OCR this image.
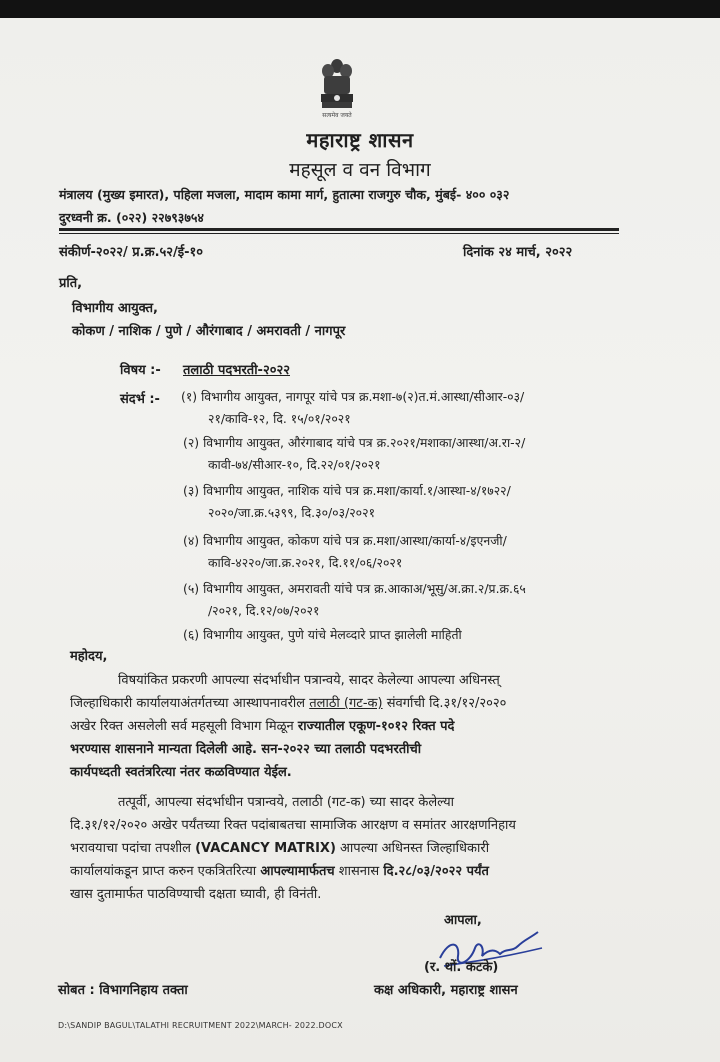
सत्यमेव जयते
महाराष्ट्र शासन
महसूल व वन विभाग
मंत्रालय (मुख्य इमारत), पहिला मजला, मादाम कामा मार्ग, हुतात्मा राजगुरु चौक, मुंबई- ४०० ०३२
दुरध्वनी क्र. (०२२) २२७९३७५४
संकीर्ण-२०२२/ प्र.क्र.५२/ई-१०	दिनांक २४ मार्च, २०२२
प्रति,
विभागीय आयुक्त,
कोकण / नाशिक / पुणे / औरंगाबाद / अमरावती / नागपूर
विषय :- तलाठी पदभरती-२०२२
संदर्भ :- (१) विभागीय आयुक्त, नागपूर यांचे पत्र क्र.मशा-७(२)त.मं.आस्था/सीआर-०३/
२१/कावि-१२, दि. १५/०१/२०२१
(२) विभागीय आयुक्त, औरंगाबाद यांचे पत्र क्र.२०२१/मशाका/आस्था/अ.रा-२/
कावी-७४/सीआर-१०, दि.२२/०१/२०२१
(३) विभागीय आयुक्त, नाशिक यांचे पत्र क्र.मशा/कार्या.१/आस्था-४/१७२२/
२०२०/जा.क्र.५३९९, दि.३०/०३/२०२१
(४) विभागीय आयुक्त, कोकण यांचे पत्र क्र.मशा/आस्था/कार्या-४/इएनजी/
कावि-४२२०/जा.क्र.२०२१, दि.११/०६/२०२१
(५) विभागीय आयुक्त, अमरावती यांचे पत्र क्र.आकाअ/भूसु/अ.क्रा.२/प्र.क्र.६५
/२०२१, दि.१२/०७/२०२१
(६) विभागीय आयुक्त, पुणे यांचे मेलव्दारे प्राप्त झालेली माहिती
महोदय,
विषयांकित प्रकरणी आपल्या संदर्भाधीन पत्रान्वये, सादर केलेल्या आपल्या अधिनस्त्
जिल्हाधिकारी कार्यालयाअंतर्गतच्या आस्थापनावरील तलाठी (गट-क) संवर्गाची दि.३१/१२/२०२०
अखेर रिक्त असलेली सर्व महसूली विभाग मिळून राज्यातील एकूण-१०१२ रिक्त पदे
भरण्यास शासनाने मान्यता दिलेली आहे. सन-२०२२ च्या तलाठी पदभरतीची
कार्यपध्दती स्वतंत्ररित्या नंतर कळविण्यात येईल.
तत्पूर्वी, आपल्या संदर्भाधीन पत्रान्वये, तलाठी (गट-क) च्या सादर केलेल्या
दि.३१/१२/२०२० अखेर पर्यंतच्या रिक्त पदांबाबतचा सामाजिक आरक्षण व समांतर आरक्षणनिहाय
भरावयाचा पदांचा तपशील (VACANCY MATRIX) आपल्या अधिनस्त जिल्हाधिकारी
कार्यालयांकडून प्राप्त करुन एकत्रितरित्या आपल्यामार्फतच शासनास दि.२८/०३/२०२२ पर्यंत
खास दुतामार्फत पाठविण्याची दक्षता घ्यावी, ही विनंती.
आपला,
(र. थों. कटके)
कक्ष अधिकारी, महाराष्ट्र शासन
सोबत : विभागनिहाय तक्ता
D:\SANDIP BAGUL\TALATHI RECRUITMENT 2022\MARCH- 2022.DOCX
